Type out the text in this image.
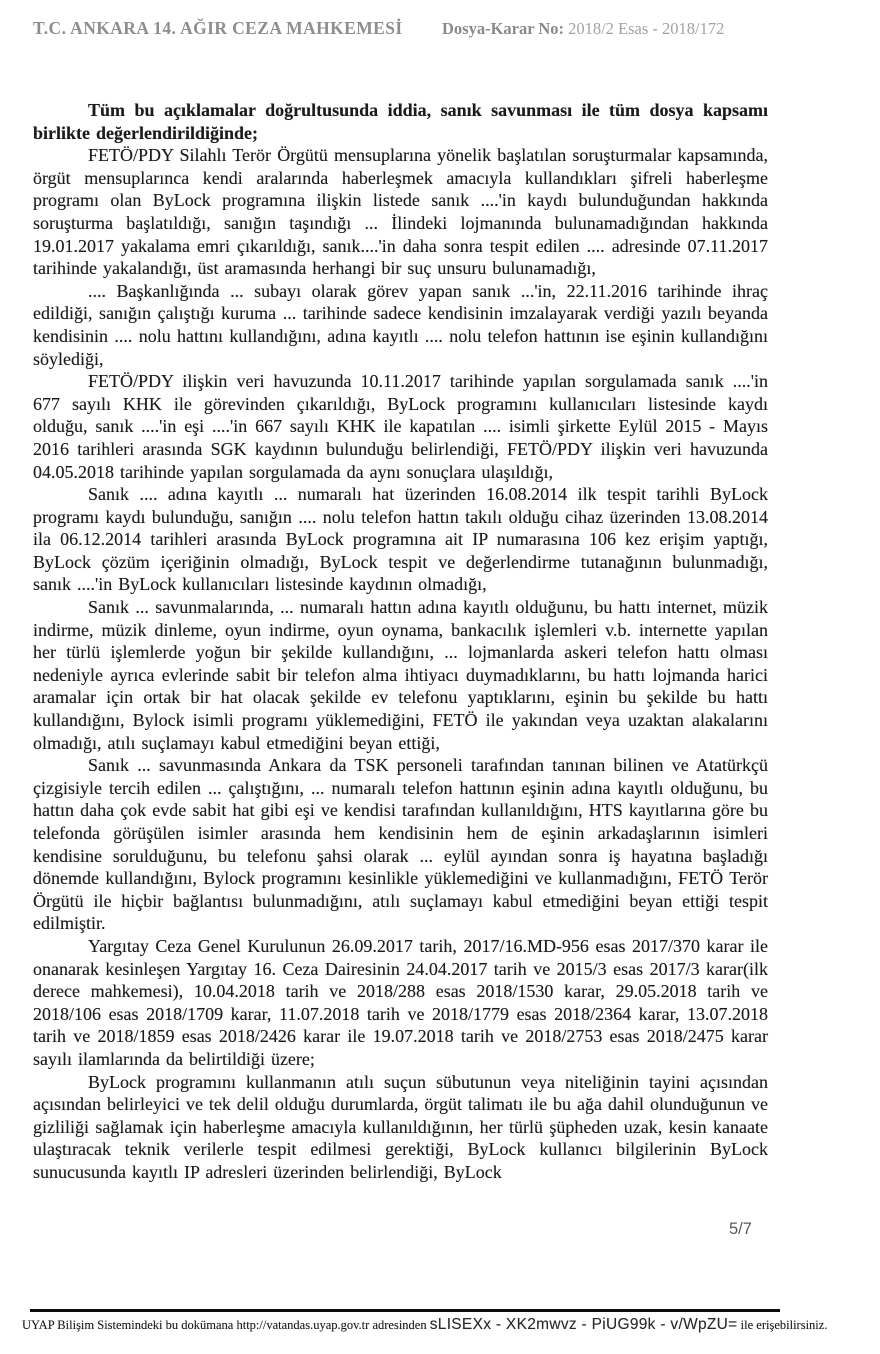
T.C. ANKARA 14. AĞIR CEZA MAHKEMESİ Dosya-Karar No: 2018/2 Esas - 2018/172

Tüm bu açıklamalar doğrultusunda iddia, sanık savunması ile tüm dosya kapsamı birlikte değerlendirildiğinde;

FETÖ/PDY Silahlı Terör Örgütü mensuplarına yönelik başlatılan soruşturmalar kapsamında, örgüt mensuplarınca kendi aralarında haberleşmek amacıyla kullandıkları şifreli haberleşme programı olan ByLock programına ilişkin listede sanık ....'in kaydı bulunduğundan hakkında soruşturma başlatıldığı, sanığın taşındığı ... İlindeki lojmanında bulunamadığından hakkında 19.01.2017 yakalama emri çıkarıldığı, sanık....'in daha sonra tespit edilen .... adresinde 07.11.2017 tarihinde yakalandığı, üst aramasında herhangi bir suç unsuru bulunamadığı,

.... Başkanlığında ... subayı olarak görev yapan sanık ...'in, 22.11.2016 tarihinde ihraç edildiği, sanığın çalıştığı kuruma ... tarihinde sadece kendisinin imzalayarak verdiği yazılı beyanda kendisinin .... nolu hattını kullandığını, adına kayıtlı .... nolu telefon hattının ise eşinin kullandığını söylediği,

FETÖ/PDY ilişkin veri havuzunda 10.11.2017 tarihinde yapılan sorgulamada sanık ....'in 677 sayılı KHK ile görevinden çıkarıldığı, ByLock programını kullanıcıları listesinde kaydı olduğu, sanık ....'in eşi ....'in 667 sayılı KHK ile kapatılan .... isimli şirkette Eylül 2015 - Mayıs 2016 tarihleri arasında SGK kaydının bulunduğu belirlendiği, FETÖ/PDY ilişkin veri havuzunda 04.05.2018 tarihinde yapılan sorgulamada da aynı sonuçlara ulaşıldığı,

Sanık .... adına kayıtlı ... numaralı hat üzerinden 16.08.2014 ilk tespit tarihli ByLock programı kaydı bulunduğu, sanığın .... nolu telefon hattın takılı olduğu cihaz üzerinden 13.08.2014 ila 06.12.2014 tarihleri arasında ByLock programına ait IP numarasına 106 kez erişim yaptığı, ByLock çözüm içeriğinin olmadığı, ByLock tespit ve değerlendirme tutanağının bulunmadığı, sanık ....'in ByLock kullanıcıları listesinde kaydının olmadığı,

Sanık ... savunmalarında, ... numaralı hattın adına kayıtlı olduğunu, bu hattı internet, müzik indirme, müzik dinleme, oyun indirme, oyun oynama, bankacılık işlemleri v.b. internette yapılan her türlü işlemlerde yoğun bir şekilde kullandığını, ... lojmanlarda askeri telefon hattı olması nedeniyle ayrıca evlerinde sabit bir telefon alma ihtiyacı duymadıklarını, bu hattı lojmanda harici aramalar için ortak bir hat olacak şekilde ev telefonu yaptıklarını, eşinin bu şekilde bu hattı kullandığını, Bylock isimli programı yüklemediğini, FETÖ ile yakından veya uzaktan alakalarını olmadığı, atılı suçlamayı kabul etmediğini beyan ettiği,

Sanık ... savunmasında Ankara da TSK personeli tarafından tanınan bilinen ve Atatürkçü çizgisiyle tercih edilen ... çalıştığını, ... numaralı telefon hattının eşinin adına kayıtlı olduğunu, bu hattın daha çok evde sabit hat gibi eşi ve kendisi tarafından kullanıldığını, HTS kayıtlarına göre bu telefonda görüşülen isimler arasında hem kendisinin hem de eşinin arkadaşlarının isimleri kendisine sorulduğunu, bu telefonu şahsi olarak ... eylül ayından sonra iş hayatına başladığı dönemde kullandığını, Bylock programını kesinlikle yüklemediğini ve kullanmadığını, FETÖ Terör Örgütü ile hiçbir bağlantısı bulunmadığını, atılı suçlamayı kabul etmediğini beyan ettiği tespit edilmiştir.

Yargıtay Ceza Genel Kurulunun 26.09.2017 tarih, 2017/16.MD-956 esas 2017/370 karar ile onanarak kesinleşen Yargıtay 16. Ceza Dairesinin 24.04.2017 tarih ve 2015/3 esas 2017/3 karar(ilk derece mahkemesi), 10.04.2018 tarih ve 2018/288 esas 2018/1530 karar, 29.05.2018 tarih ve 2018/106 esas 2018/1709 karar, 11.07.2018 tarih ve 2018/1779 esas 2018/2364 karar, 13.07.2018 tarih ve 2018/1859 esas 2018/2426 karar ile 19.07.2018 tarih ve 2018/2753 esas 2018/2475 karar sayılı ilamlarında da belirtildiği üzere;

ByLock programını kullanmanın atılı suçun sübutunun veya niteliğinin tayini açısından açısından belirleyici ve tek delil olduğu durumlarda, örgüt talimatı ile bu ağa dahil olunduğunun ve gizliliği sağlamak için haberleşme amacıyla kullanıldığının, her türlü şüpheden uzak, kesin kanaate ulaştıracak teknik verilerle tespit edilmesi gerektiği, ByLock kullanıcı bilgilerinin ByLock sunucusunda kayıtlı IP adresleri üzerinden belirlendiği, ByLock

5/7
UYAP Bilişim Sistemindeki bu dokümana http://vatandas.uyap.gov.tr adresinden sLISEXx - XK2mwvz - PiUG99k - v/WpZU= ile erişebilirsiniz.
